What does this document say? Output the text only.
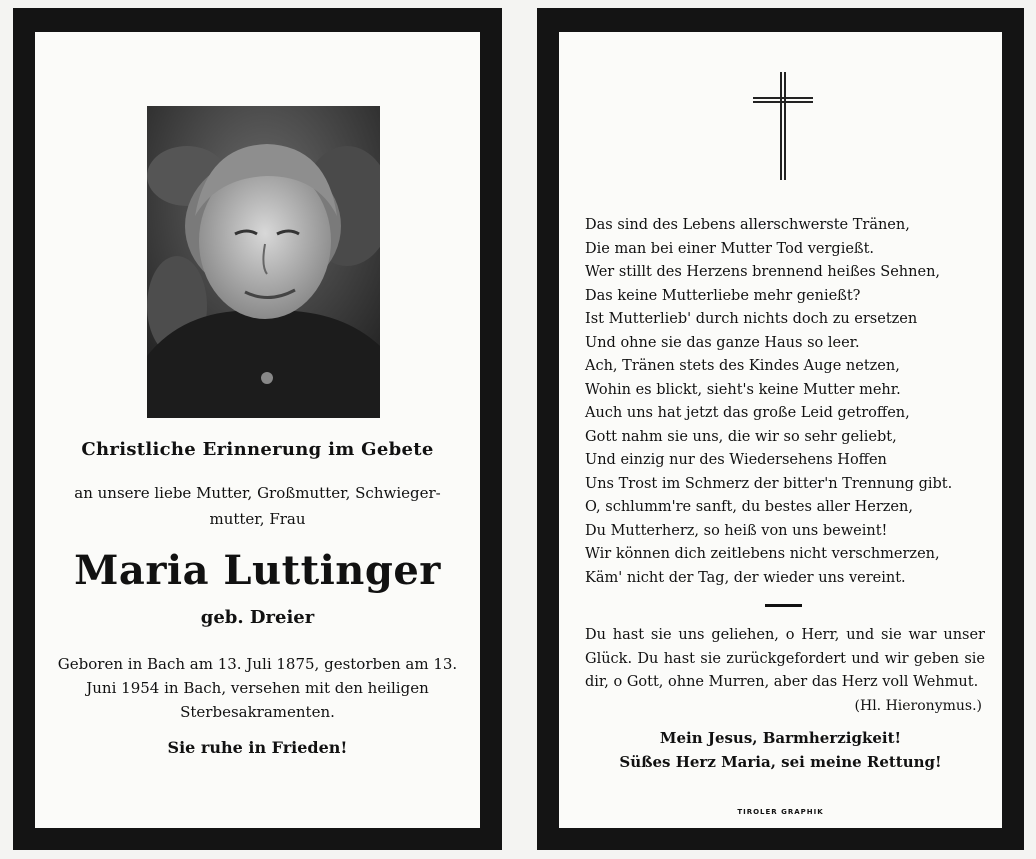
Christliche Erinnerung im Gebete
an unsere liebe Mutter, Großmutter, Schwieger-mutter, Frau
Maria Luttinger
geb. Dreier
Geboren in Bach am 13. Juli 1875, gestorben am 13. Juni 1954 in Bach, versehen mit den heiligen Sterbesakramenten.
Sie ruhe in Frieden!
Das sind des Lebens allerschwerste Tränen,
Die man bei einer Mutter Tod vergießt.
Wer stillt des Herzens brennend heißes Sehnen,
Das keine Mutterliebe mehr genießt?
Ist Mutterlieb' durch nichts doch zu ersetzen
Und ohne sie das ganze Haus so leer.
Ach, Tränen stets des Kindes Auge netzen,
Wohin es blickt, sieht's keine Mutter mehr.
Auch uns hat jetzt das große Leid getroffen,
Gott nahm sie uns, die wir so sehr geliebt,
Und einzig nur des Wiedersehens Hoffen
Uns Trost im Schmerz der bitter'n Trennung gibt.
O, schlumm're sanft, du bestes aller Herzen,
Du Mutterherz, so heiß von uns beweint!
Wir können dich zeitlebens nicht verschmerzen,
Käm' nicht der Tag, der wieder uns vereint.
Du hast sie uns geliehen, o Herr, und sie war unser Glück. Du hast sie zurückgefordert und wir geben sie dir, o Gott, ohne Murren, aber das Herz voll Wehmut.
(Hl. Hieronymus.)
Mein Jesus, Barmherzigkeit!
Süßes Herz Maria, sei meine Rettung!
TIROLER GRAPHIK
